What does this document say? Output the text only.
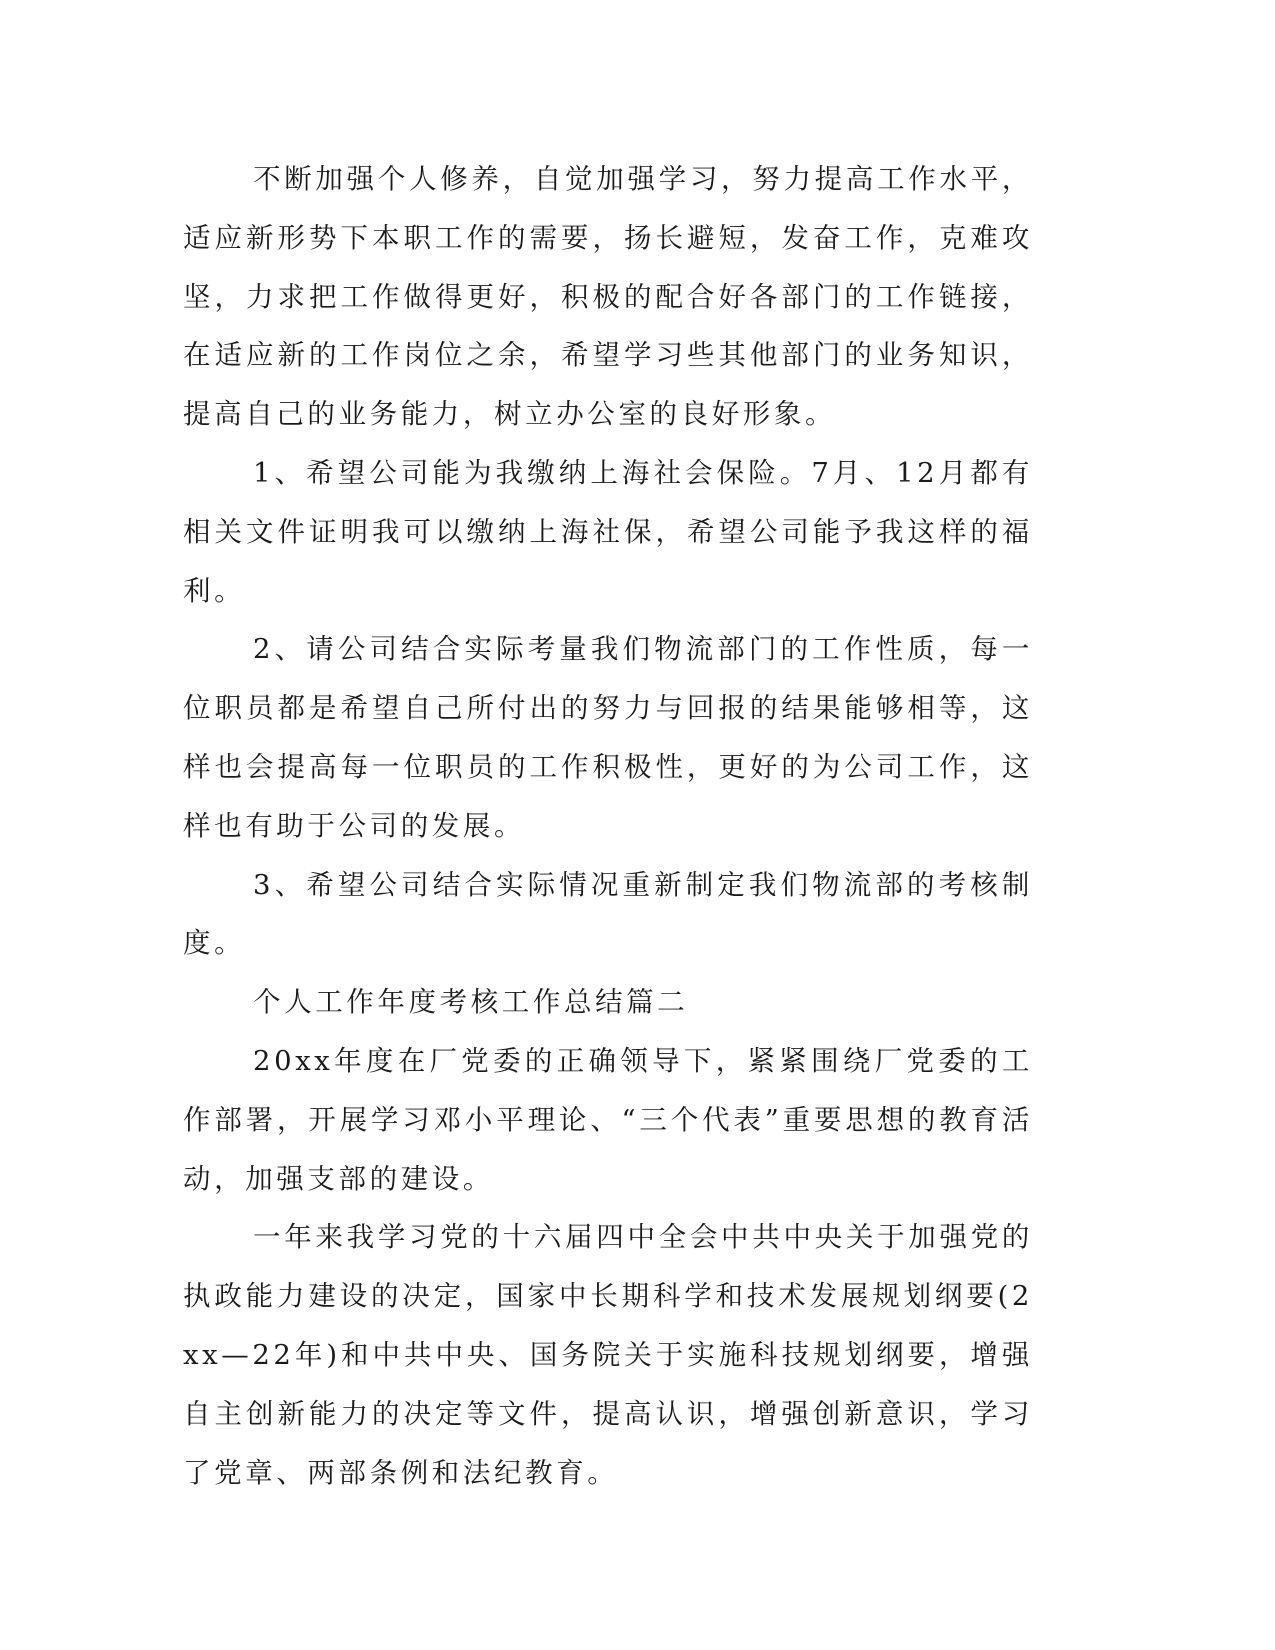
不断加强个人修养，自觉加强学习，努力提高工作水平，适应新形势下本职工作的需要，扬长避短，发奋工作，克难攻坚，力求把工作做得更好，积极的配合好各部门的工作链接，在适应新的工作岗位之余，希望学习些其他部门的业务知识，提高自己的业务能力，树立办公室的良好形象。

1、希望公司能为我缴纳上海社会保险。7月、12月都有相关文件证明我可以缴纳上海社保，希望公司能予我这样的福利。

2、请公司结合实际考量我们物流部门的工作性质，每一位职员都是希望自己所付出的努力与回报的结果能够相等，这样也会提高每一位职员的工作积极性，更好的为公司工作，这样也有助于公司的发展。

3、希望公司结合实际情况重新制定我们物流部的考核制度。

个人工作年度考核工作总结篇二

20xx年度在厂党委的正确领导下，紧紧围绕厂党委的工作部署，开展学习邓小平理论、“三个代表”重要思想的教育活动，加强支部的建设。

一年来我学习党的十六届四中全会中共中央关于加强党的执政能力建设的决定，国家中长期科学和技术发展规划纲要(2xx—22年)和中共中央、国务院关于实施科技规划纲要，增强自主创新能力的决定等文件，提高认识，增强创新意识，学习了党章、两部条例和法纪教育。
